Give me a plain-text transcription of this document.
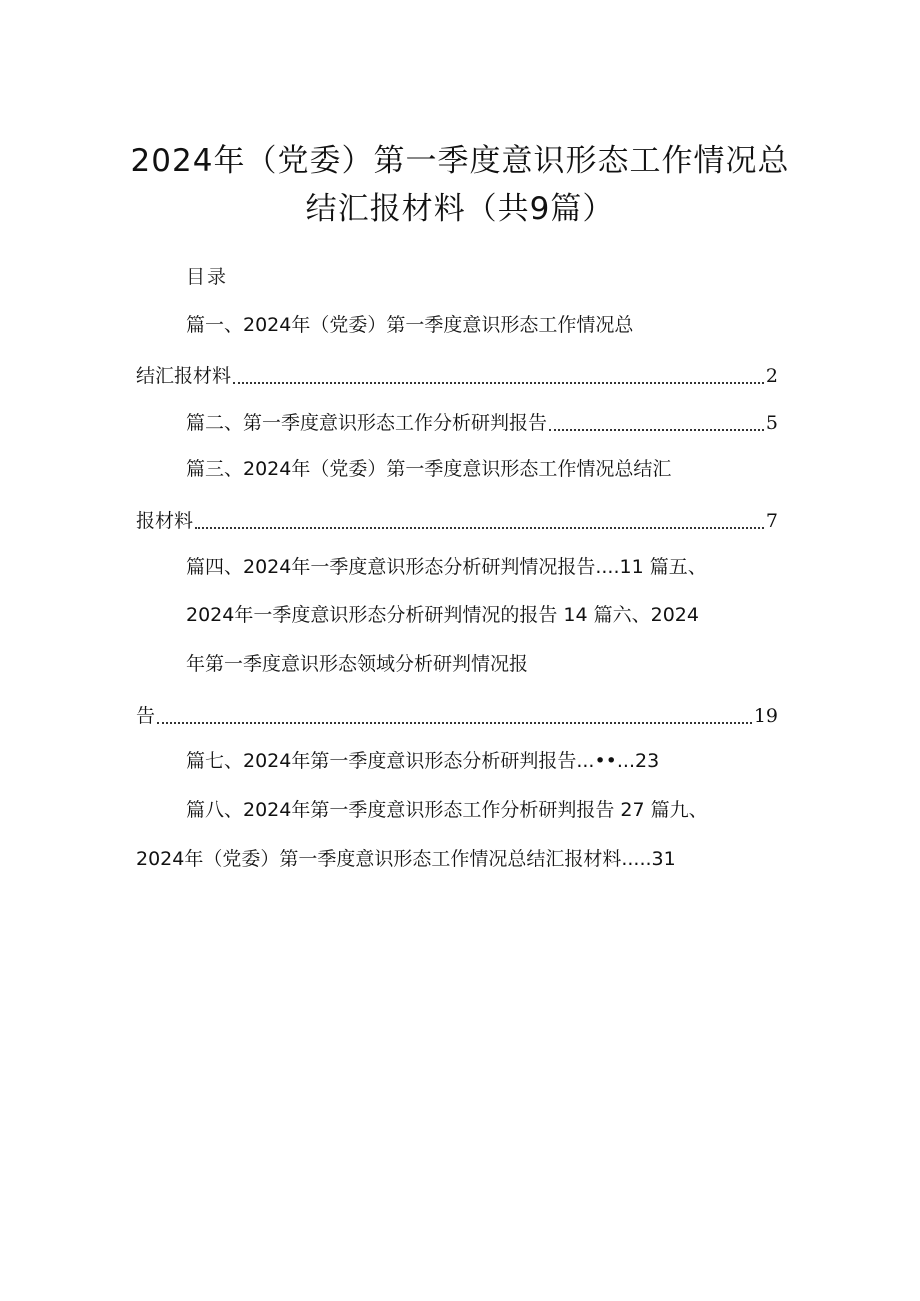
2024年（党委）第一季度意识形态工作情况总
结汇报材料（共9篇）
目录
篇一、2024年（党委）第一季度意识形态工作情况总
结汇报材料	2
篇二、第一季度意识形态工作分析研判报告	5
篇三、2024年（党委）第一季度意识形态工作情况总结汇
报材料	7
篇四、2024年一季度意识形态分析研判情况报告....11 篇五、
2024年一季度意识形态分析研判情况的报告 14 篇六、2024
年第一季度意识形态领域分析研判情况报
告	19
篇七、2024年第一季度意识形态分析研判报告...••...23
篇八、2024年第一季度意识形态工作分析研判报告 27 篇九、
2024年（党委）第一季度意识形态工作情况总结汇报材料.....31
